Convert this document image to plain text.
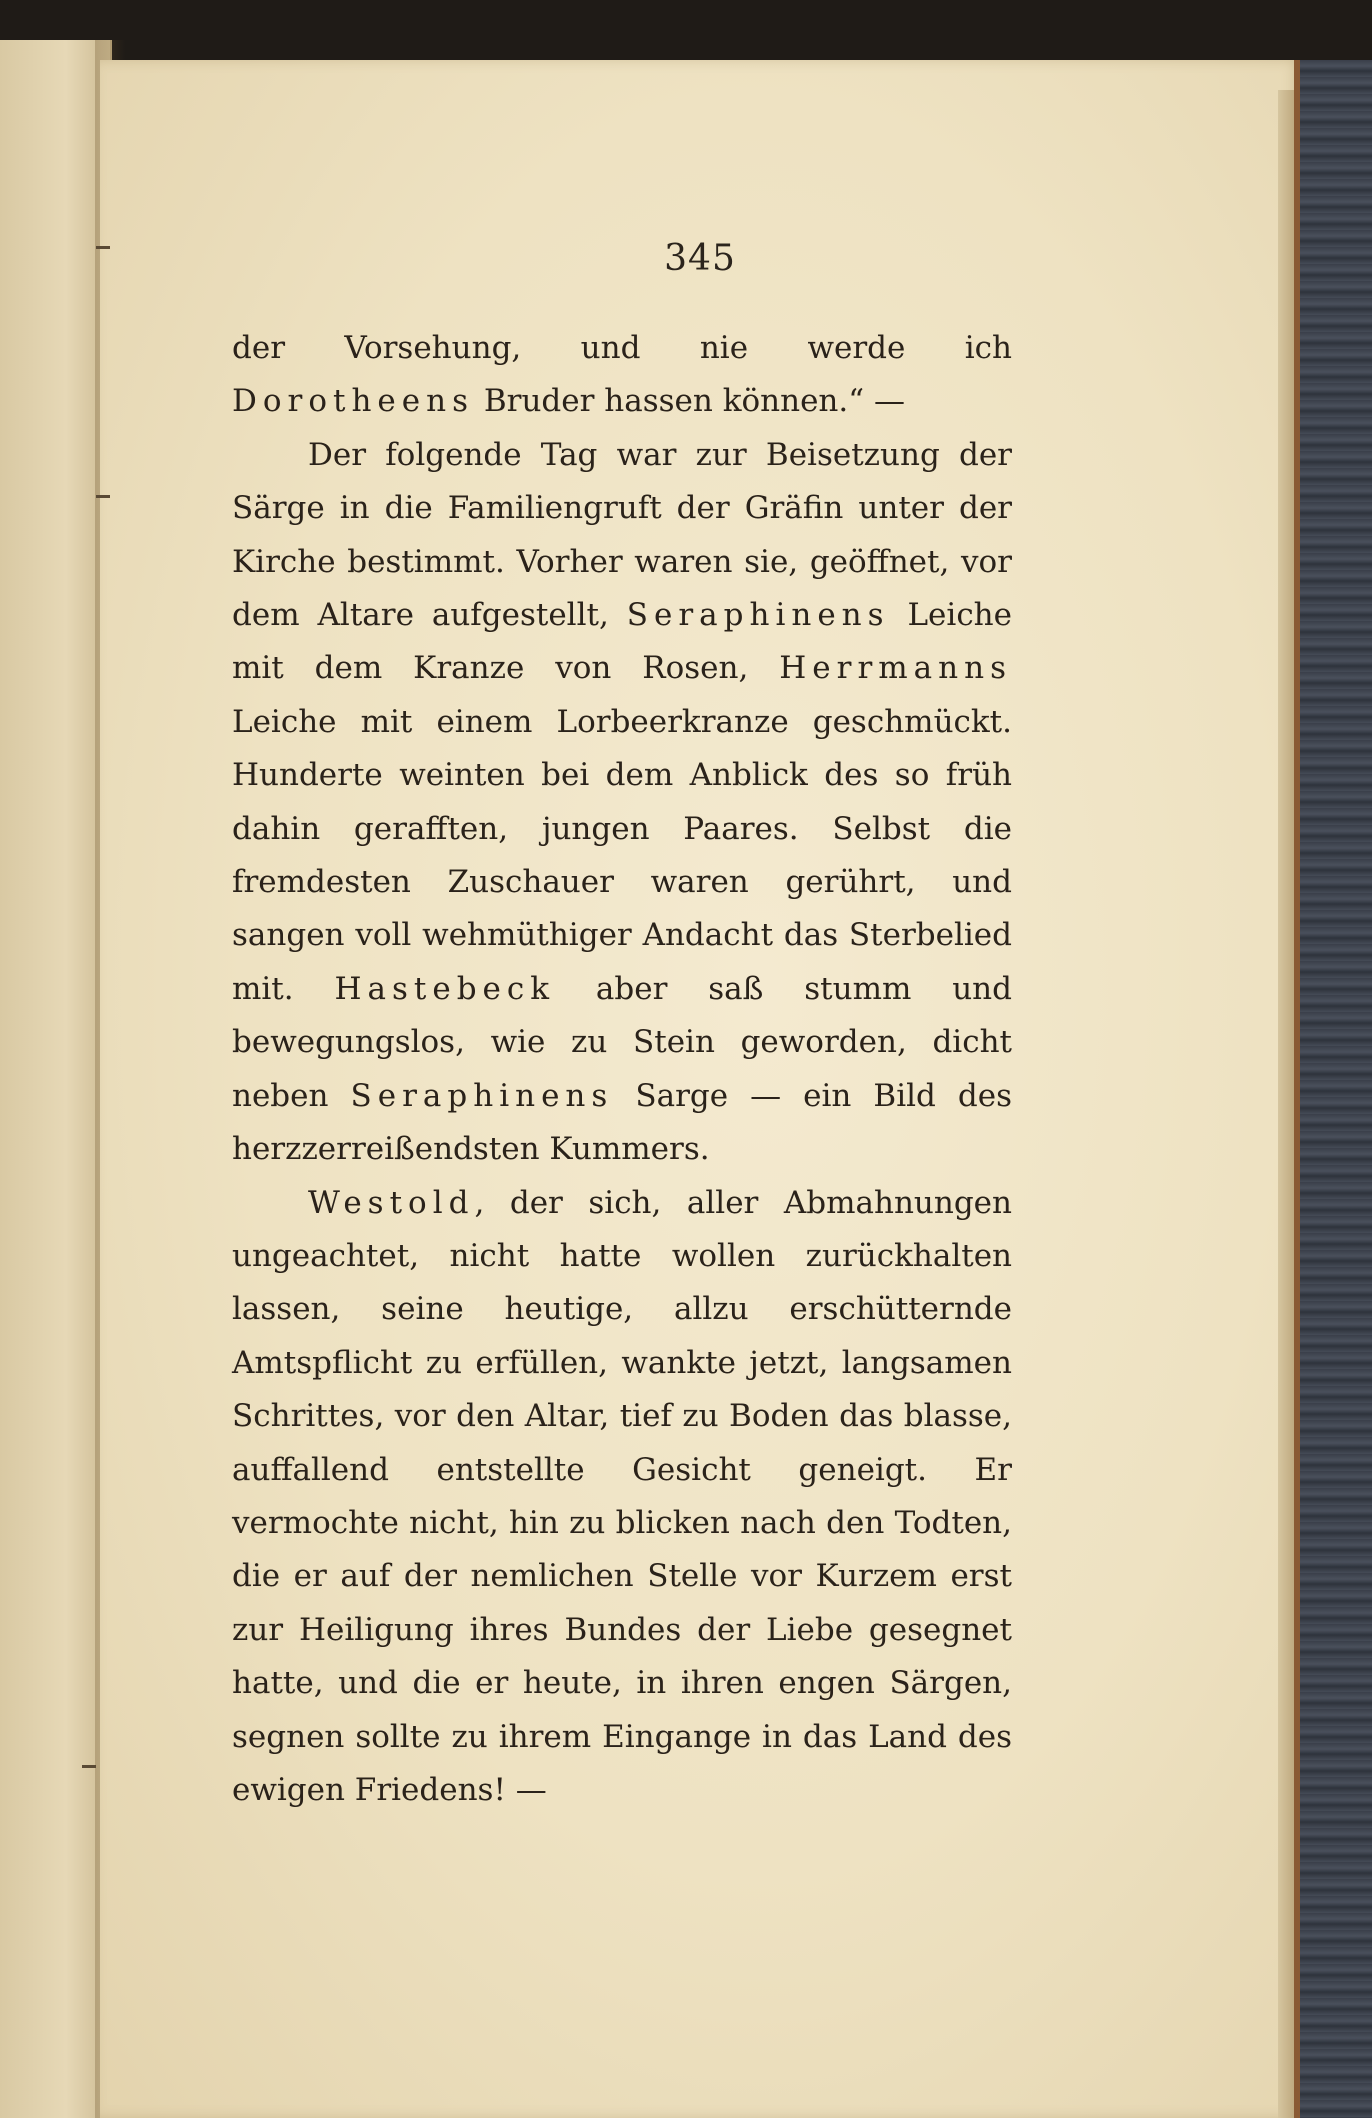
345

der Vorsehung, und nie werde ich Dorotheens Bruder hassen können.“ —

Der folgende Tag war zur Beisetzung der Särge in die Familiengruft der Gräfin unter der Kirche bestimmt. Vorher waren sie, geöffnet, vor dem Altare aufgestellt, Seraphinens Leiche mit dem Kranze von Rosen, Herrmanns Leiche mit einem Lorbeerkranze geschmückt. Hunderte weinten bei dem Anblick des so früh dahin gerafften, jungen Paares. Selbst die fremdesten Zuschauer waren gerührt, und sangen voll wehmüthiger Andacht das Sterbelied mit. Hastebeck aber saß stumm und bewegungslos, wie zu Stein geworden, dicht neben Seraphinens Sarge — ein Bild des herzzerreißendsten Kummers.

Westold, der sich, aller Abmahnungen ungeachtet, nicht hatte wollen zurückhalten lassen, seine heutige, allzu erschütternde Amtspflicht zu erfüllen, wankte jetzt, langsamen Schrittes, vor den Altar, tief zu Boden das blasse, auffallend entstellte Gesicht geneigt. Er vermochte nicht, hin zu blicken nach den Todten, die er auf der nemlichen Stelle vor Kurzem erst zur Heiligung ihres Bundes der Liebe gesegnet hatte, und die er heute, in ihren engen Särgen, segnen sollte zu ihrem Eingange in das Land des ewigen Friedens! —
